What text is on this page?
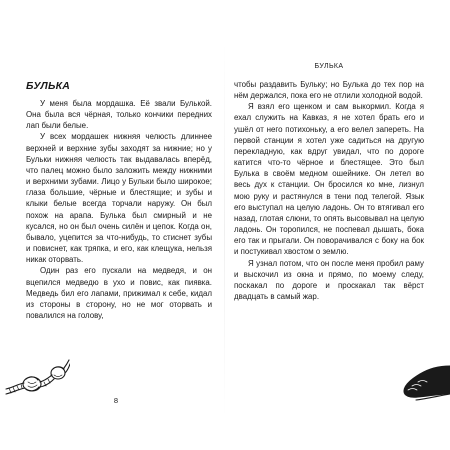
БУЛЬКА

У меня была мордашка. Её звали Булькой. Она была вся чёрная, только кончики передних лап были белые.

У всех мордашек нижняя челюсть длиннее верхней и верхние зубы заходят за нижние; но у Бульки нижняя челюсть так выдавалась вперёд, что палец можно было заложить между нижними и верхними зубами. Лицо у Бульки было широкое; глаза большие, чёрные и блестящие; и зубы и клыки белые всегда торчали наружу. Он был похож на арапа. Булька был смирный и не кусался, но он был очень силён и цепок. Когда он, бывало, уцепится за что-нибудь, то стиснет зубы и повиснет, как тряпка, и его, как клещука, нельзя никак оторвать.

Один раз его пускали на медведя, и он вцепился медведю в ухо и повис, как пиявка. Медведь бил его лапами, прижимал к себе, кидал из стороны в сторону, но не мог оторвать и повалился на голову,

8
БУЛЬКА

чтобы раздавить Бульку; но Булька до тех пор на нём держался, пока его не отлили холодной водой.

Я взял его щенком и сам выкормил. Когда я ехал служить на Кавказ, я не хотел брать его и ушёл от него потихоньку, а его велел запереть. На первой станции я хотел уже садиться на другую перекладную, как вдруг увидал, что по дороге катится что-то чёрное и блестящее. Это был Булька в своём медном ошейнике. Он летел во весь дух к станции. Он бросился ко мне, лизнул мою руку и растянулся в тени под телегой. Язык его выступал на целую ладонь. Он то втягивал его назад, глотая слюни, то опять высовывал на целую ладонь. Он торопился, не поспевал дышать, бока его так и прыгали. Он поворачивался с боку на бок и постукивал хвостом о землю.

Я узнал потом, что он после меня пробил раму и выскочил из окна и прямо, по моему следу, поскакал по дороге и проскакал так вёрст двадцать в самый жар.
